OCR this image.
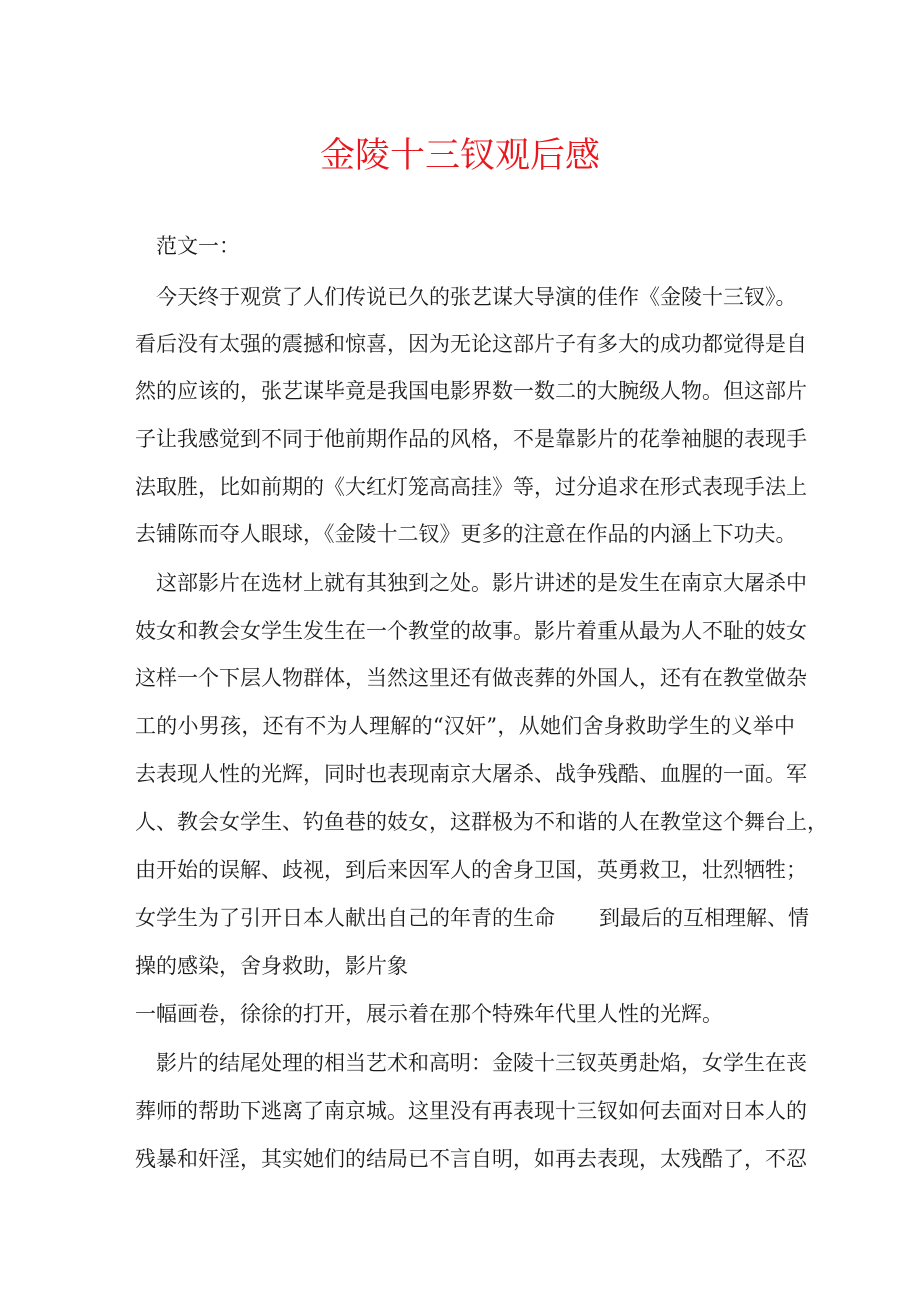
金陵十三钗观后感
范文一：
今天终于观赏了人们传说已久的张艺谋大导演的佳作《金陵十三钗》。
看后没有太强的震撼和惊喜，因为无论这部片子有多大的成功都觉得是自
然的应该的，张艺谋毕竟是我国电影界数一数二的大腕级人物。但这部片
子让我感觉到不同于他前期作品的风格，不是靠影片的花拳袖腿的表现手
法取胜，比如前期的《大红灯笼高高挂》等，过分追求在形式表现手法上
去铺陈而夺人眼球，《金陵十二钗》更多的注意在作品的内涵上下功夫。
这部影片在选材上就有其独到之处。影片讲述的是发生在南京大屠杀中
妓女和教会女学生发生在一个教堂的故事。影片着重从最为人不耻的妓女
这样一个下层人物群体，当然这里还有做丧葬的外国人，还有在教堂做杂
工的小男孩，还有不为人理解的“汉奸”，从她们舍身救助学生的义举中
去表现人性的光辉，同时也表现南京大屠杀、战争残酷、血腥的一面。军
人、教会女学生、钓鱼巷的妓女，这群极为不和谐的人在教堂这个舞台上，
由开始的误解、歧视，到后来因军人的舍身卫国，英勇救卫，壮烈牺牲；
女学生为了引开日本人献出自己的年青的生命 到最后的互相理解、情
操的感染，舍身救助，影片象
一幅画卷，徐徐的打开，展示着在那个特殊年代里人性的光辉。
影片的结尾处理的相当艺术和高明：金陵十三钗英勇赴焰，女学生在丧
葬师的帮助下逃离了南京城。这里没有再表现十三钗如何去面对日本人的
残暴和奸淫，其实她们的结局已不言自明，如再去表现，太残酷了，不忍
